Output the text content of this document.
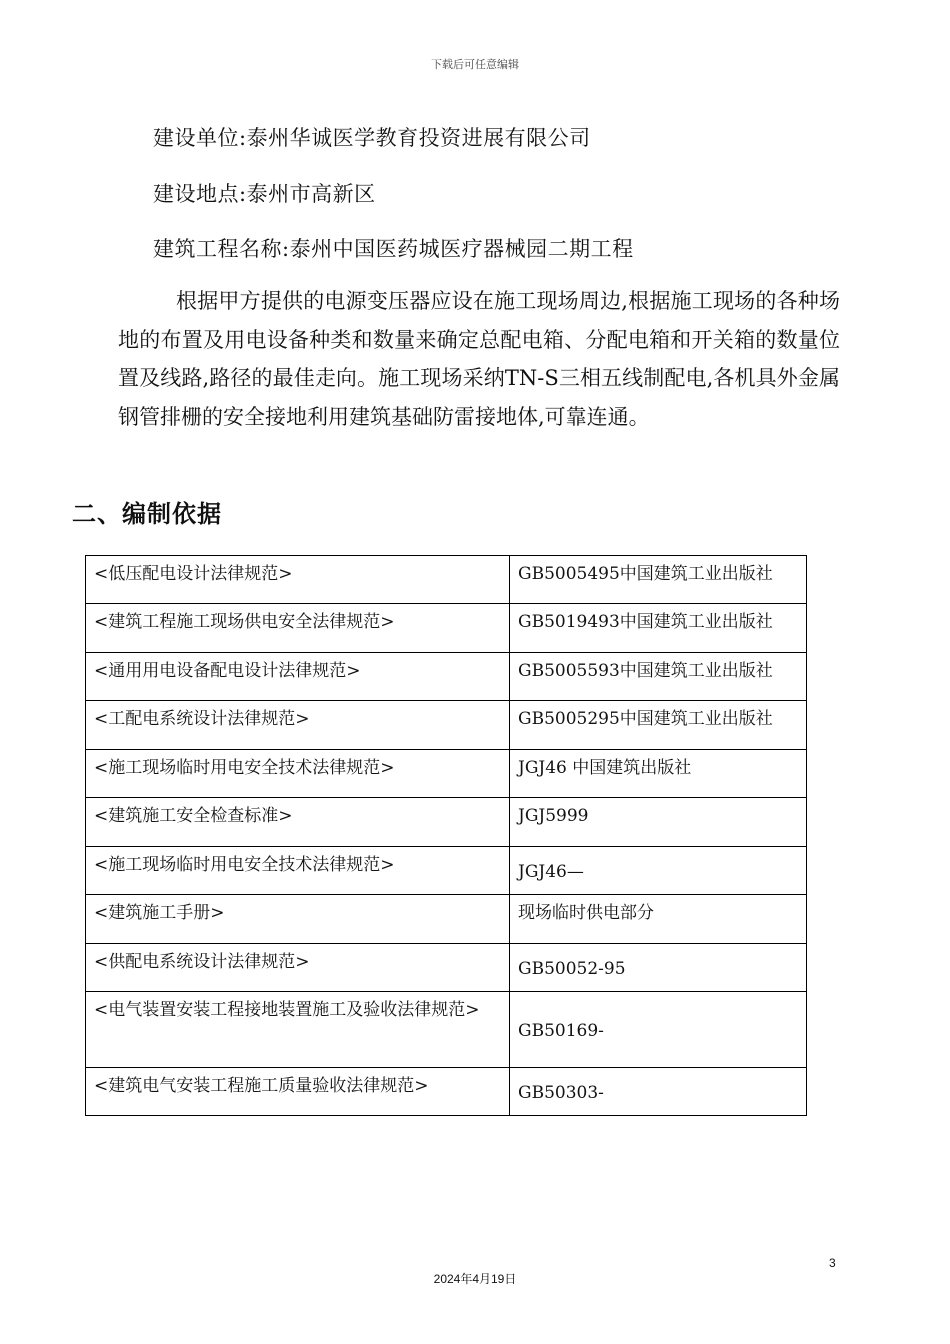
下载后可任意编辑
建设单位:泰州华诚医学教育投资进展有限公司
建设地点:泰州市高新区
建筑工程名称:泰州中国医药城医疗器械园二期工程

根据甲方提供的电源变压器应设在施工现场周边,根据施工现场的各种场地的布置及用电设备种类和数量来确定总配电箱、分配电箱和开关箱的数量位置及线路,路径的最佳走向。施工现场采纳TN-S三相五线制配电,各机具外金属钢管排栅的安全接地利用建筑基础防雷接地体,可靠连通。

二、编制依据
<低压配电设计法律规范>	GB5005495中国建筑工业出版社
<建筑工程施工现场供电安全法律规范>	GB5019493中国建筑工业出版社
<通用用电设备配电设计法律规范>	GB5005593中国建筑工业出版社
<工配电系统设计法律规范>	GB5005295中国建筑工业出版社
<施工现场临时用电安全技术法律规范>	JGJ46 中国建筑出版社
<建筑施工安全检查标准>	JGJ5999
<施工现场临时用电安全技术法律规范>	JGJ46—
<建筑施工手册>	现场临时供电部分
<供配电系统设计法律规范>	GB50052-95
<电气装置安装工程接地装置施工及验收法律规范>	GB50169-
<建筑电气安装工程施工质量验收法律规范>	GB50303-
3
2024年4月19日
